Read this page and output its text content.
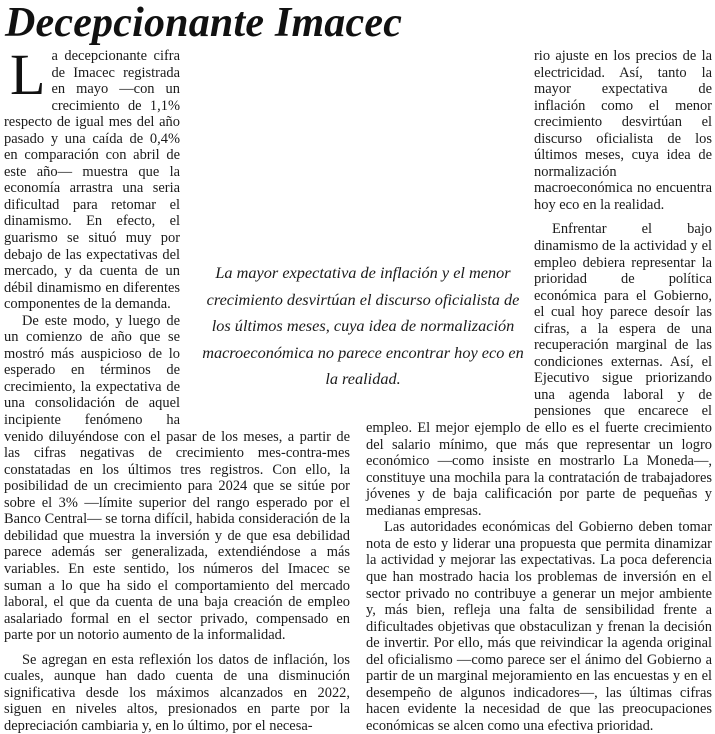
Decepcionante Imacec

La decepcionante cifra de Imacec registrada en mayo —con un crecimiento de 1,1% respecto de igual mes del año pasado y una caída de 0,4% en comparación con abril de este año— muestra que la economía arrastra una seria dificultad para retomar el dinamismo. En efecto, el guarismo se situó muy por debajo de las expectativas del mercado, y da cuenta de un débil dinamismo en diferentes componentes de la demanda.

De este modo, y luego de un comienzo de año que se mostró más auspicioso de lo esperado en términos de crecimiento, la expectativa de una consolidación de aquel incipiente fenómeno ha venido diluyéndose con el pasar de los meses, a partir de las cifras negativas de crecimiento mes-contra-mes constatadas en los últimos tres registros. Con ello, la posibilidad de un crecimiento para 2024 que se sitúe por sobre el 3% —límite superior del rango esperado por el Banco Central— se torna difícil, habida consideración de la debilidad que muestra la inversión y de que esa debilidad parece además ser generalizada, extendiéndose a más variables. En este sentido, los números del Imacec se suman a lo que ha sido el comportamiento del mercado laboral, el que da cuenta de una baja creación de empleo asalariado formal en el sector privado, compensado en parte por un notorio aumento de la informalidad.

Se agregan en esta reflexión los datos de inflación, los cuales, aunque han dado cuenta de una disminución significativa desde los máximos alcanzados en 2022, siguen en niveles altos, presionados en parte por la depreciación cambiaria y, en lo último, por el necesa-

rio ajuste en los precios de la electricidad. Así, tanto la mayor expectativa de inflación como el menor crecimiento desvirtúan el discurso oficialista de los últimos meses, cuya idea de normalización macroeconómica no encuentra hoy eco en la realidad.

Enfrentar el bajo dinamismo de la actividad y el empleo debiera representar la prioridad de política económica para el Gobierno, el cual hoy parece desoír las cifras, a la espera de una recuperación marginal de las condiciones externas. Así, el Ejecutivo sigue priorizando una agenda laboral y de pensiones que encarece el empleo. El mejor ejemplo de ello es el fuerte crecimiento del salario mínimo, que más que representar un logro económico —como insiste en mostrarlo La Moneda—, constituye una mochila para la contratación de trabajadores jóvenes y de baja calificación por parte de pequeñas y medianas empresas.

Las autoridades económicas del Gobierno deben tomar nota de esto y liderar una propuesta que permita dinamizar la actividad y mejorar las expectativas. La poca deferencia que han mostrado hacia los problemas de inversión en el sector privado no contribuye a generar un mejor ambiente y, más bien, refleja una falta de sensibilidad frente a dificultades objetivas que obstaculizan y frenan la decisión de invertir. Por ello, más que reivindicar la agenda original del oficialismo —como parece ser el ánimo del Gobierno a partir de un marginal mejoramiento en las encuestas y en el desempeño de algunos indicadores—, las últimas cifras hacen evidente la necesidad de que las preocupaciones económicas se alcen como una efectiva prioridad.

La mayor expectativa de inflación y el menor crecimiento desvirtúan el discurso oficialista de los últimos meses, cuya idea de normalización macroeconómica no parece encontrar hoy eco en la realidad.
